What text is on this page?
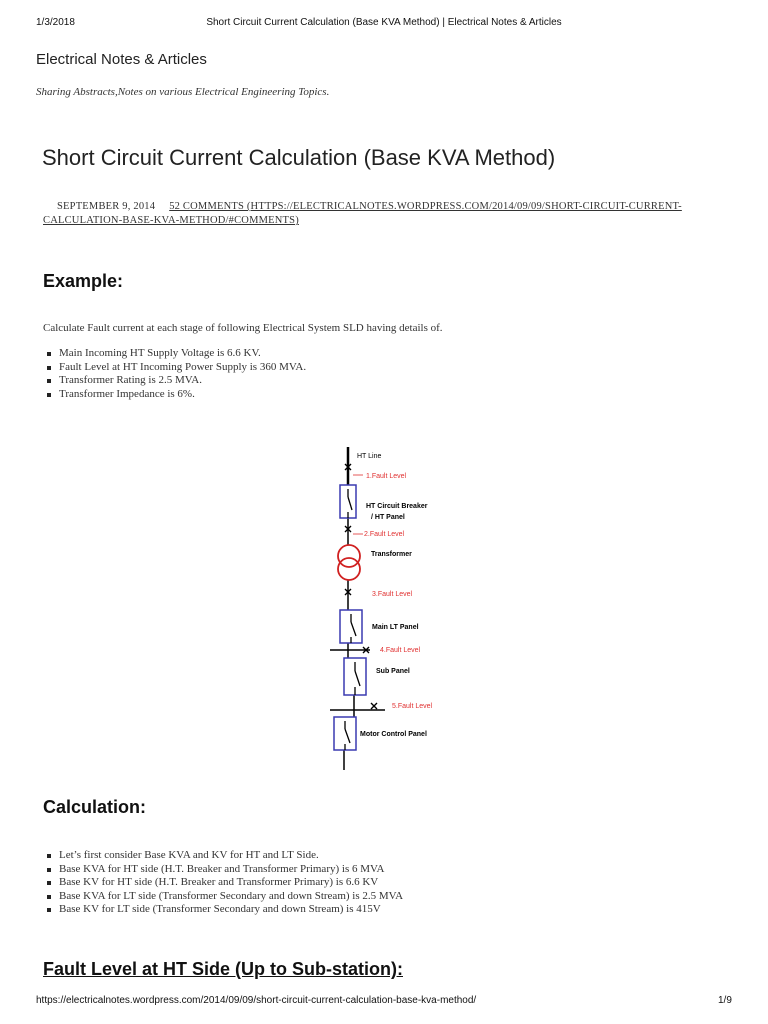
1/3/2018	Short Circuit Current Calculation (Base KVA Method) | Electrical Notes & Articles
Electrical Notes & Articles
Sharing Abstracts,Notes on various Electrical Engineering Topics.
Short Circuit Current Calculation (Base KVA Method)
SEPTEMBER 9, 2014 52 COMMENTS (HTTPS://ELECTRICALNOTES.WORDPRESS.COM/2014/09/09/SHORT-CIRCUIT-CURRENT-CALCULATION-BASE-KVA-METHOD/#COMMENTS)
Example:
Calculate Fault current at each stage of following Electrical System SLD having details of.
Main Incoming HT Supply Voltage is 6.6 KV.
Fault Level at HT Incoming Power Supply is 360 MVA.
Transformer Rating is 2.5 MVA.
Transformer Impedance is 6%.
HT Line
1.Fault Level
HT Circuit Breaker
/ HT Panel
2.Fault Level
Transformer
3.Fault Level
Main LT Panel
4.Fault Level
Sub Panel
5.Fault Level
Motor Control Panel
Calculation:
Let’s first consider Base KVA and KV for HT and LT Side.
Base KVA for HT side (H.T. Breaker and Transformer Primary) is 6 MVA
Base KV for HT side (H.T. Breaker and Transformer Primary) is 6.6 KV
Base KVA for LT side (Transformer Secondary and down Stream) is 2.5 MVA
Base KV for LT side (Transformer Secondary and down Stream) is 415V
Fault Level at HT Side (Up to Sub-station):
https://electricalnotes.wordpress.com/2014/09/09/short-circuit-current-calculation-base-kva-method/	1/9
